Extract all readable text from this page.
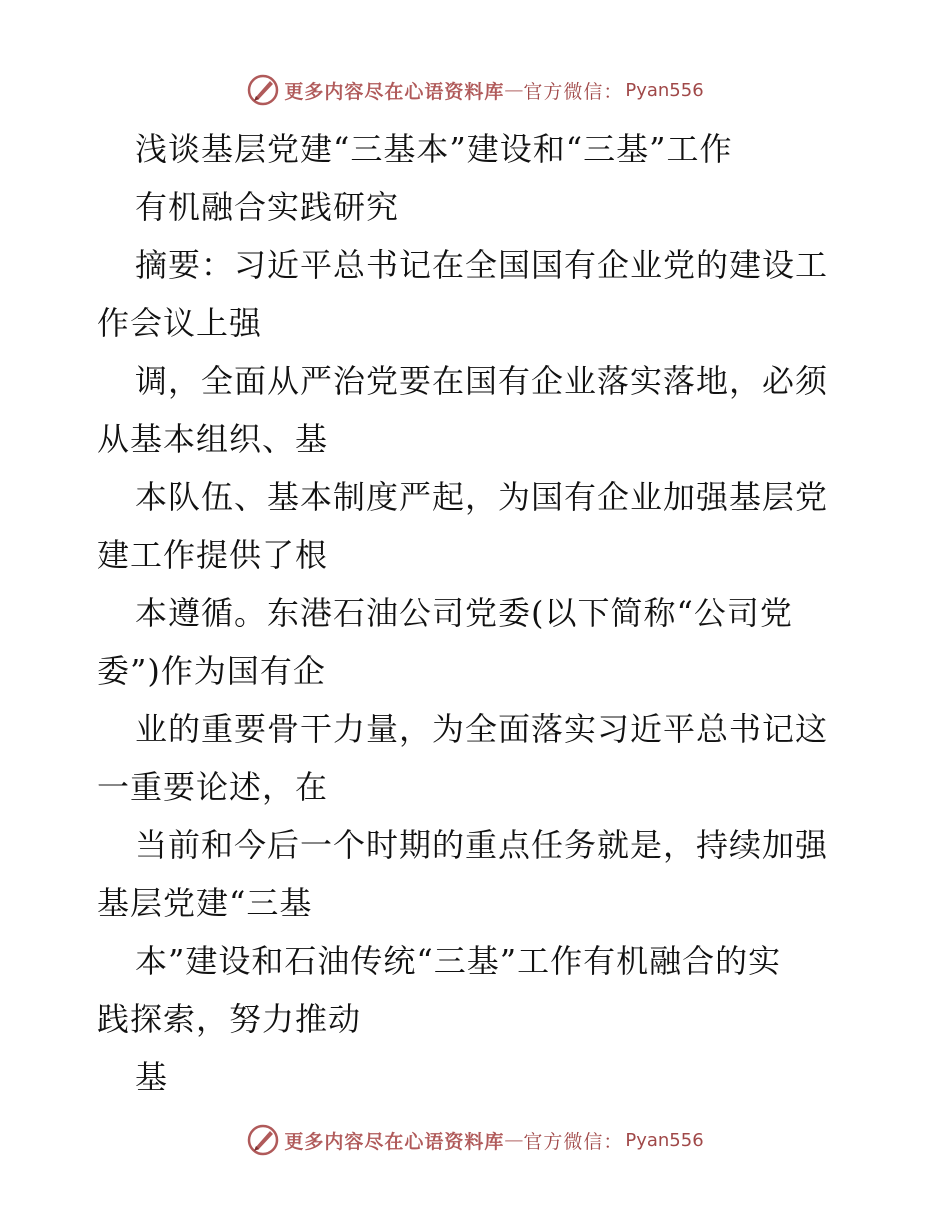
更多内容尽在心语资料库 — 官方微信： Pyan556
浅谈基层党建“三基本”建设和“三基”工作
有机融合实践研究
摘要：习近平总书记在全国国有企业党的建设工
作会议上强
调，全面从严治党要在国有企业落实落地，必须
从基本组织、基
本队伍、基本制度严起，为国有企业加强基层党
建工作提供了根
本遵循。东港石油公司党委(以下简称“公司党
委”)作为国有企
业的重要骨干力量，为全面落实习近平总书记这
一重要论述，在
当前和今后一个时期的重点任务就是，持续加强
基层党建“三基
本”建设和石油传统“三基”工作有机融合的实
践探索，努力推动
基
更多内容尽在心语资料库 — 官方微信： Pyan556
